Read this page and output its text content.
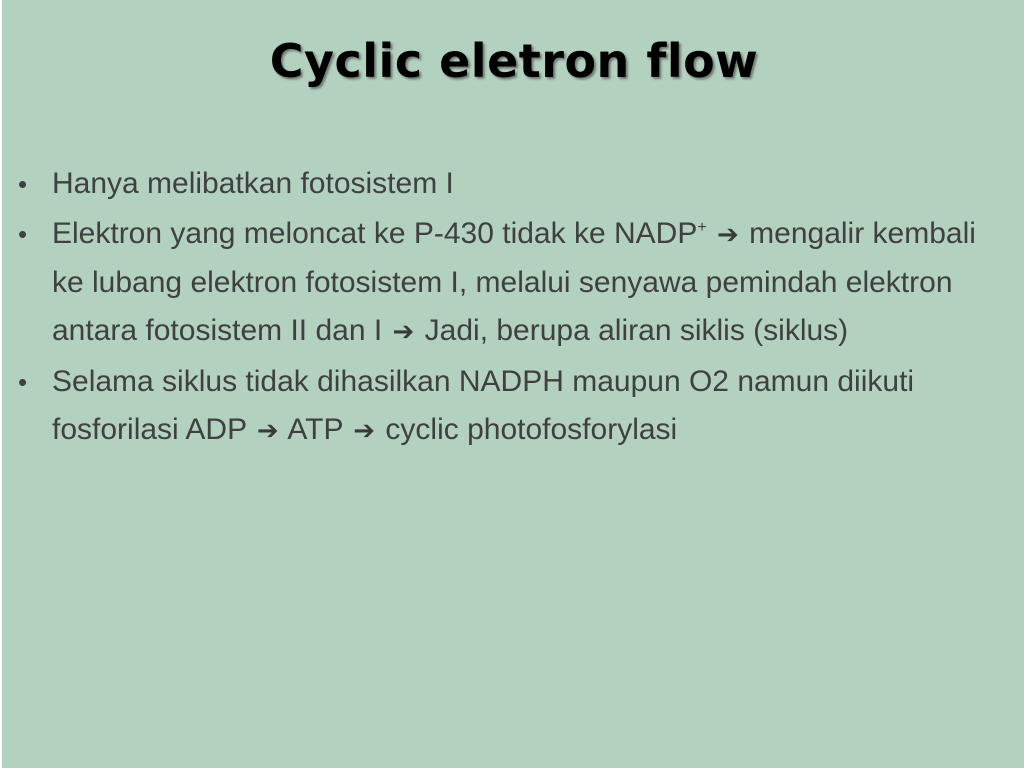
Cyclic eletron flow
• Hanya melibatkan fotosistem I
• Elektron yang meloncat ke P-430 tidak ke NADP+ ➔ mengalir kembali ke lubang elektron fotosistem I, melalui senyawa pemindah elektron antara fotosistem II dan I ➔ Jadi, berupa aliran siklis (siklus)
• Selama siklus tidak dihasilkan NADPH maupun O2 namun diikuti fosforilasi ADP ➔ ATP ➔ cyclic photofosforylasi
